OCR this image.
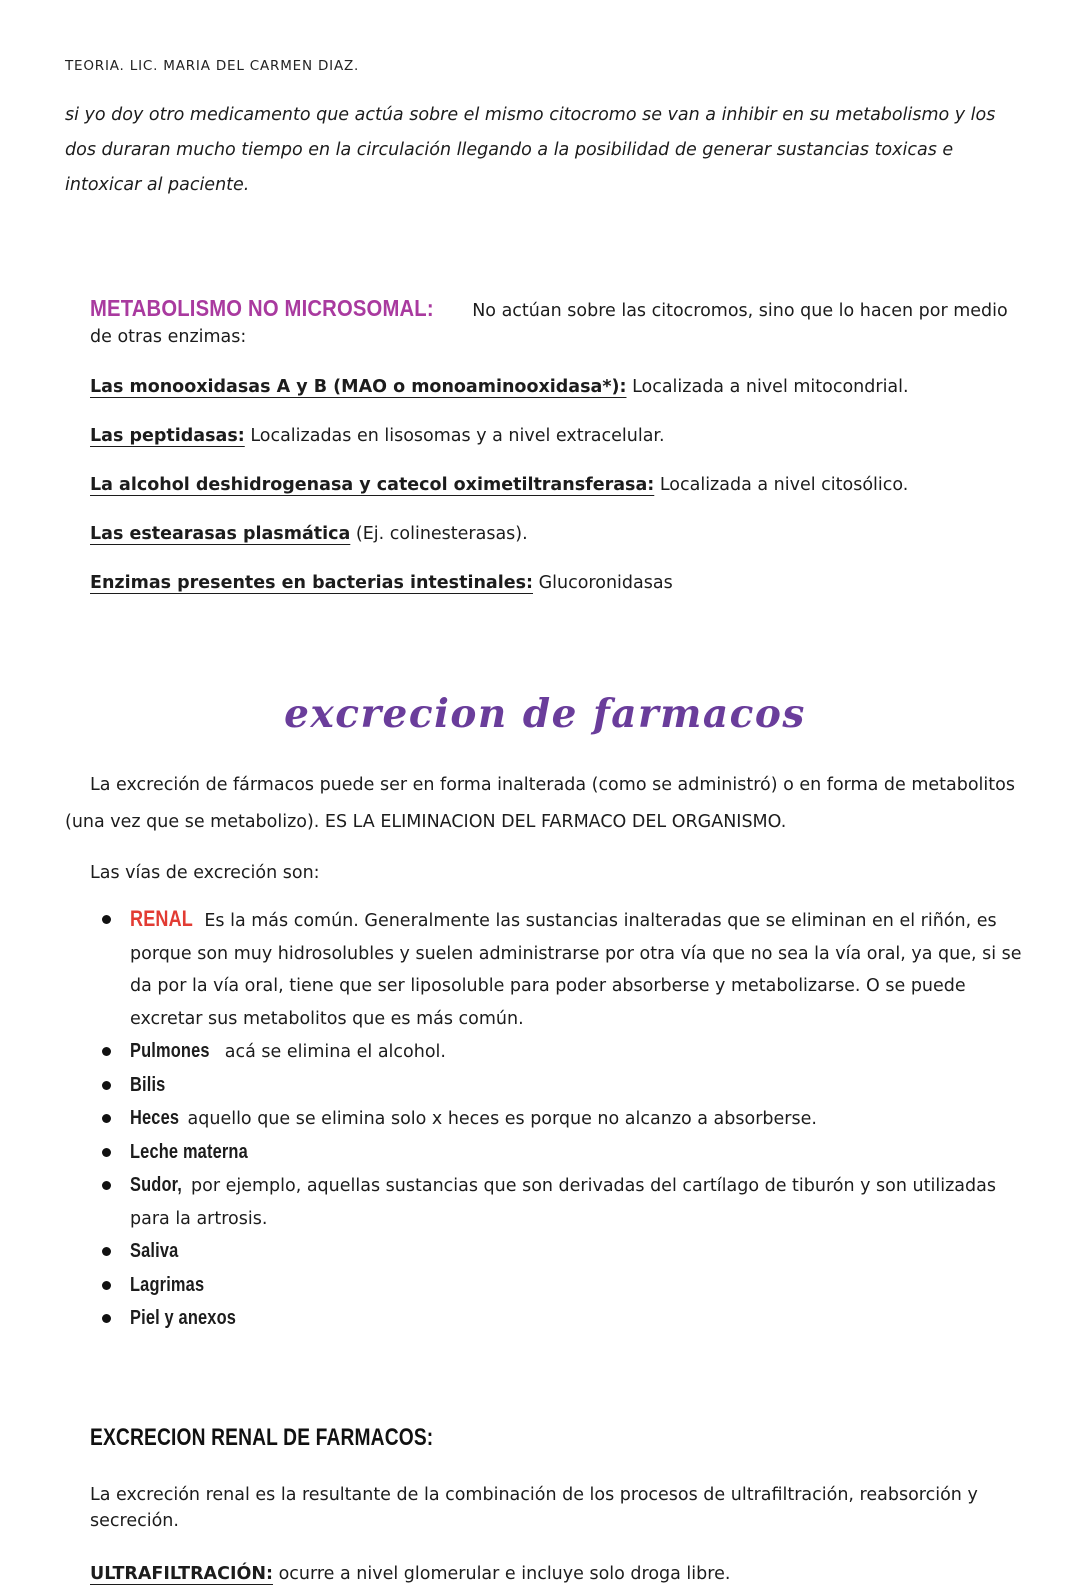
TEORIA. LIC. MARIA DEL CARMEN DIAZ.

si yo doy otro medicamento que actúa sobre el mismo citocromo se van a inhibir en su metabolismo y los dos duraran mucho tiempo en la circulación llegando a la posibilidad de generar sustancias toxicas e intoxicar al paciente.

METABOLISMO NO MICROSOMAL: No actúan sobre las citocromos, sino que lo hacen por medio de otras enzimas:

Las monooxidasas A y B (MAO o monoaminooxidasa*): Localizada a nivel mitocondrial.

Las peptidasas: Localizadas en lisosomas y a nivel extracelular.

La alcohol deshidrogenasa y catecol oximetiltransferasa: Localizada a nivel citosólico.

Las estearasas plasmática (Ej. colinesterasas).

Enzimas presentes en bacterias intestinales: Glucoronidasas

excrecion de farmacos

La excreción de fármacos puede ser en forma inalterada (como se administró) o en forma de metabolitos (una vez que se metabolizo). ES LA ELIMINACION DEL FARMACO DEL ORGANISMO.

Las vías de excreción son:

RENAL Es la más común. Generalmente las sustancias inalteradas que se eliminan en el riñón, es porque son muy hidrosolubles y suelen administrarse por otra vía que no sea la vía oral, ya que, si se da por la vía oral, tiene que ser liposoluble para poder absorberse y metabolizarse. O se puede excretar sus metabolitos que es más común.
Pulmones acá se elimina el alcohol.
Bilis
Heces aquello que se elimina solo x heces es porque no alcanzo a absorberse.
Leche materna
Sudor, por ejemplo, aquellas sustancias que son derivadas del cartílago de tiburón y son utilizadas para la artrosis.
Saliva
Lagrimas
Piel y anexos
EXCRECION RENAL DE FARMACOS:

La excreción renal es la resultante de la combinación de los procesos de ultrafiltración, reabsorción y secreción.

ULTRAFILTRACIÓN: ocurre a nivel glomerular e incluye solo droga libre.
